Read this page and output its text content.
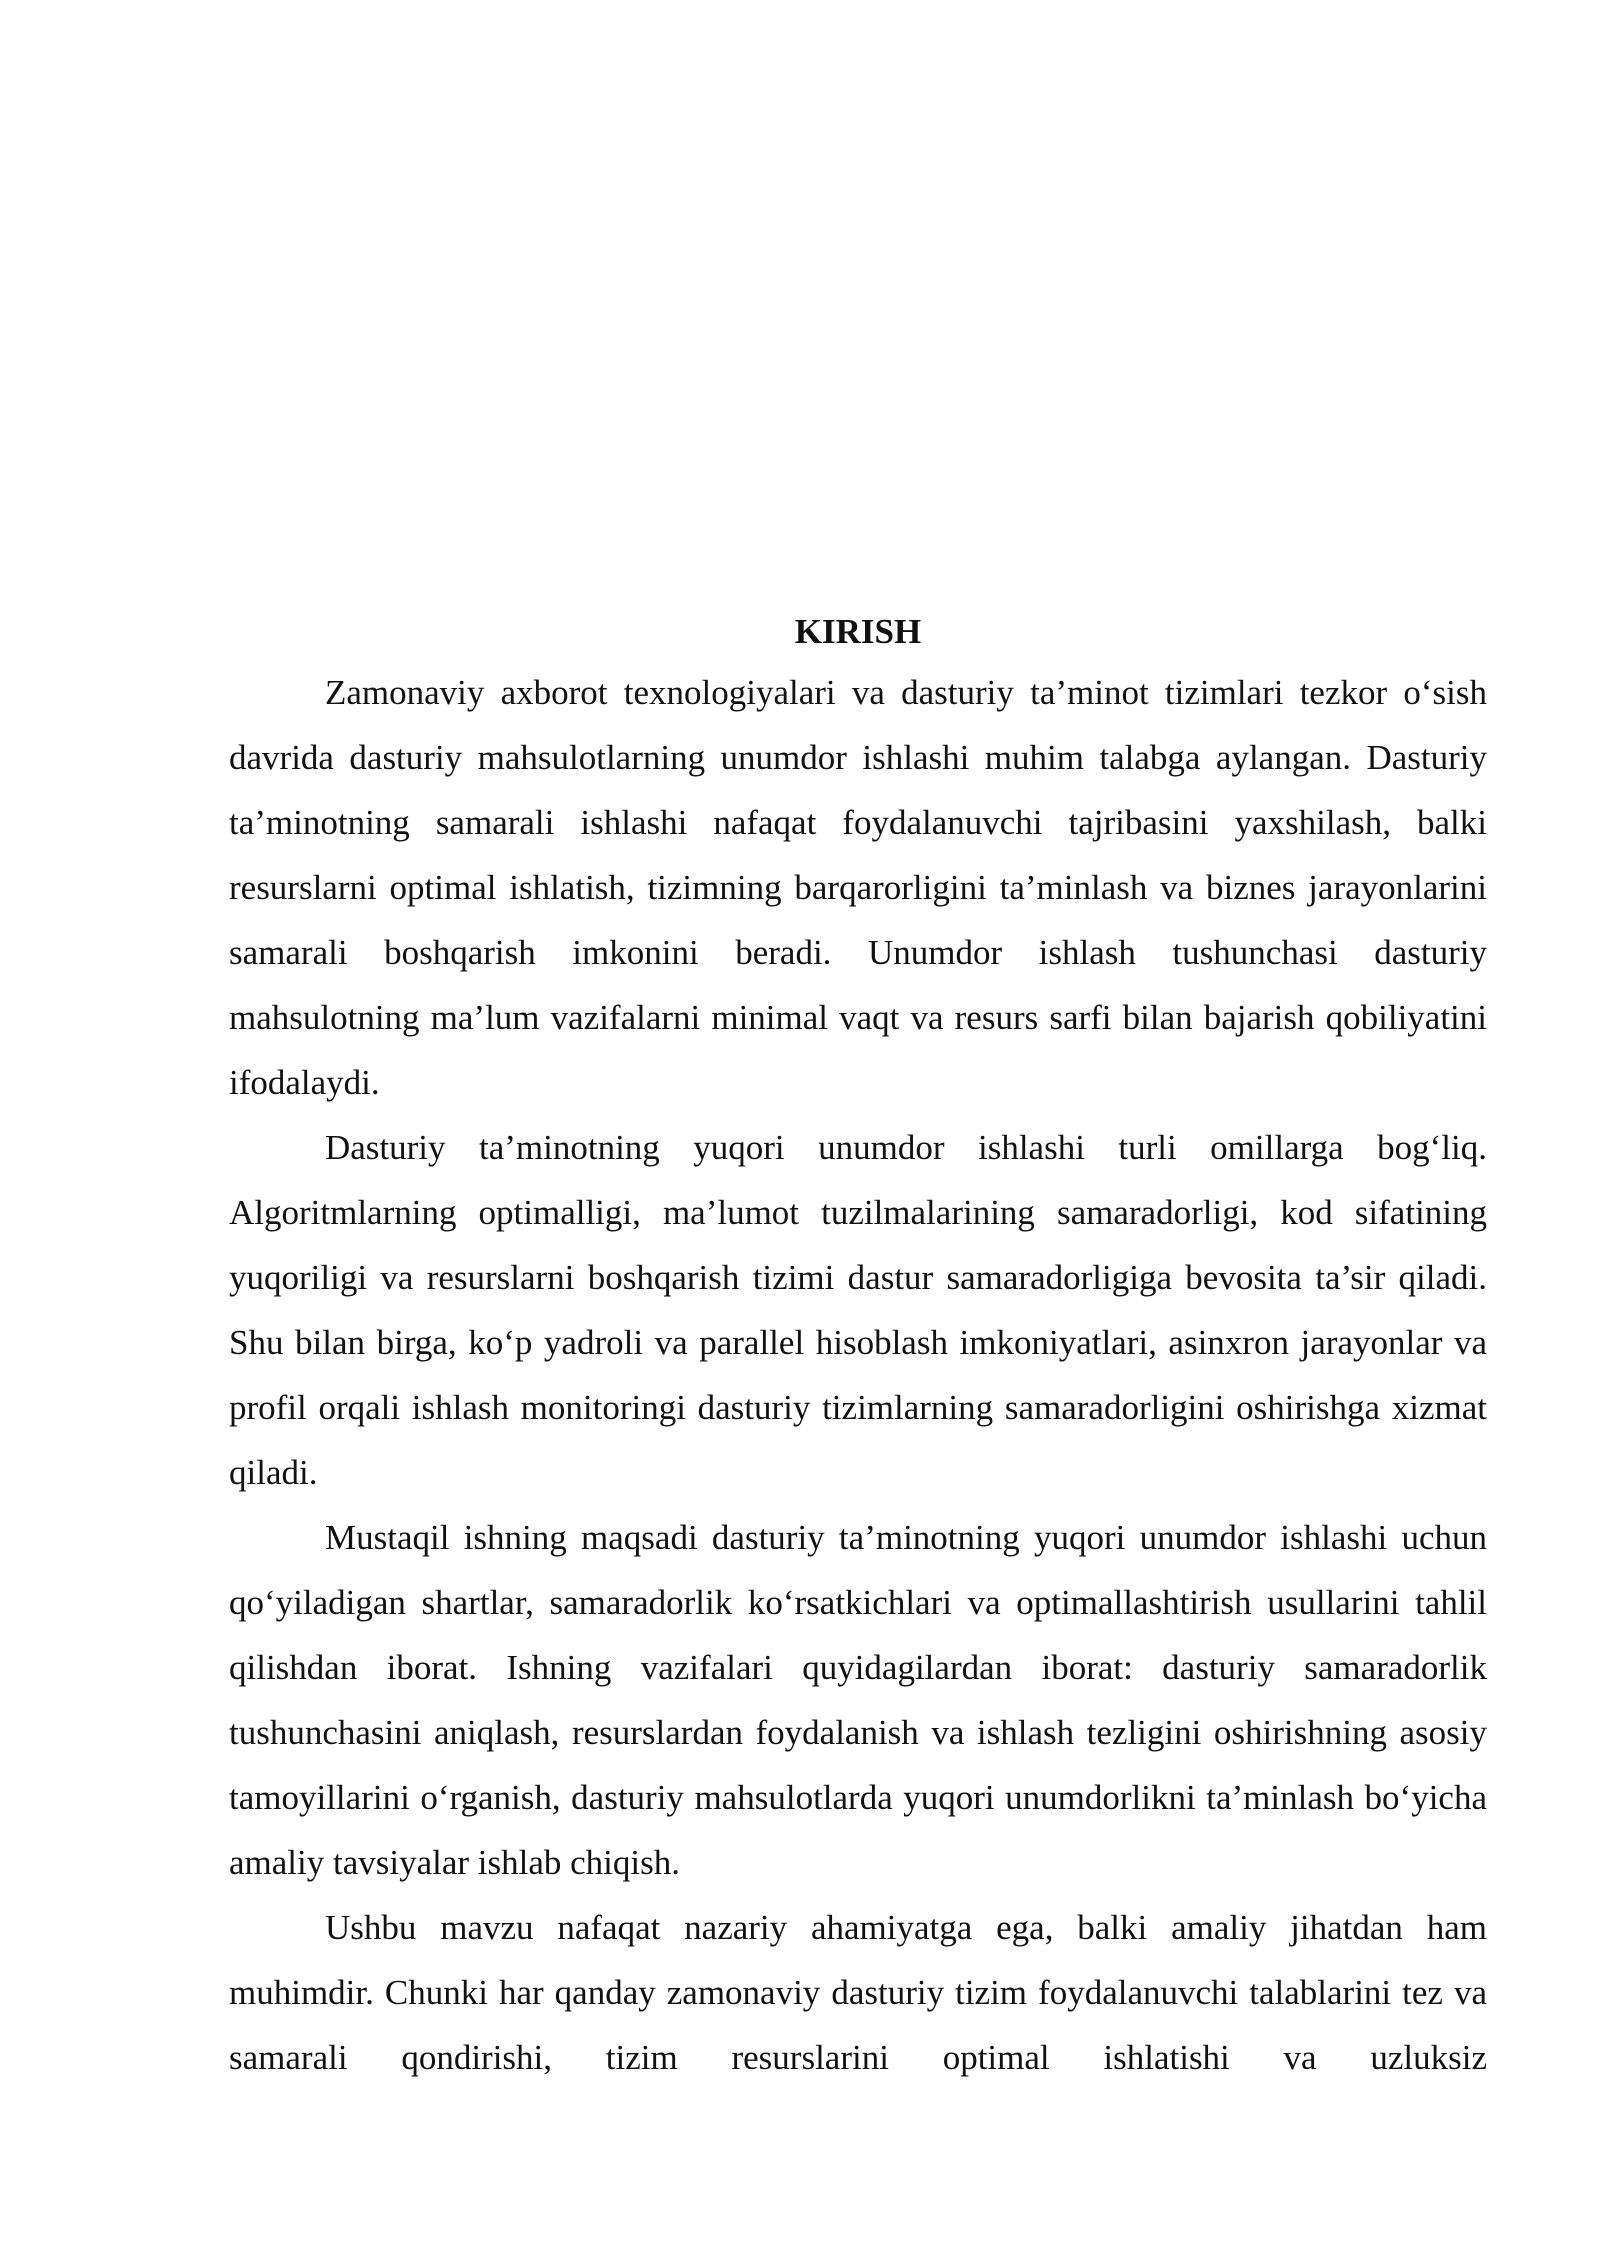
KIRISH

Zamonaviy axborot texnologiyalari va dasturiy ta’minot tizimlari tezkor o‘sish davrida dasturiy mahsulotlarning unumdor ishlashi muhim talabga aylangan. Dasturiy ta’minotning samarali ishlashi nafaqat foydalanuvchi tajribasini yaxshilash, balki resurslarni optimal ishlatish, tizimning barqarorligini ta’minlash va biznes jarayonlarini samarali boshqarish imkonini beradi. Unumdor ishlash tushunchasi dasturiy mahsulotning ma’lum vazifalarni minimal vaqt va resurs sarfi bilan bajarish qobiliyatini ifodalaydi.

Dasturiy ta’minotning yuqori unumdor ishlashi turli omillarga bog‘liq. Algoritmlarning optimalligi, ma’lumot tuzilmalarining samaradorligi, kod sifatining yuqoriligi va resurslarni boshqarish tizimi dastur samaradorligiga bevosita ta’sir qiladi. Shu bilan birga, ko‘p yadroli va parallel hisoblash imkoniyatlari, asinxron jarayonlar va profil orqali ishlash monitoringi dasturiy tizimlarning samaradorligini oshirishga xizmat qiladi.

Mustaqil ishning maqsadi dasturiy ta’minotning yuqori unumdor ishlashi uchun qo‘yiladigan shartlar, samaradorlik ko‘rsatkichlari va optimallashtirish usullarini tahlil qilishdan iborat. Ishning vazifalari quyidagilardan iborat: dasturiy samaradorlik tushunchasini aniqlash, resurslardan foydalanish va ishlash tezligini oshirishning asosiy tamoyillarini o‘rganish, dasturiy mahsulotlarda yuqori unumdorlikni ta’minlash bo‘yicha amaliy tavsiyalar ishlab chiqish.

Ushbu mavzu nafaqat nazariy ahamiyatga ega, balki amaliy jihatdan ham muhimdir. Chunki har qanday zamonaviy dasturiy tizim foydalanuvchi talablarini tez va samarali qondirishi, tizim resurslarini optimal ishlatishi va uzluksiz
